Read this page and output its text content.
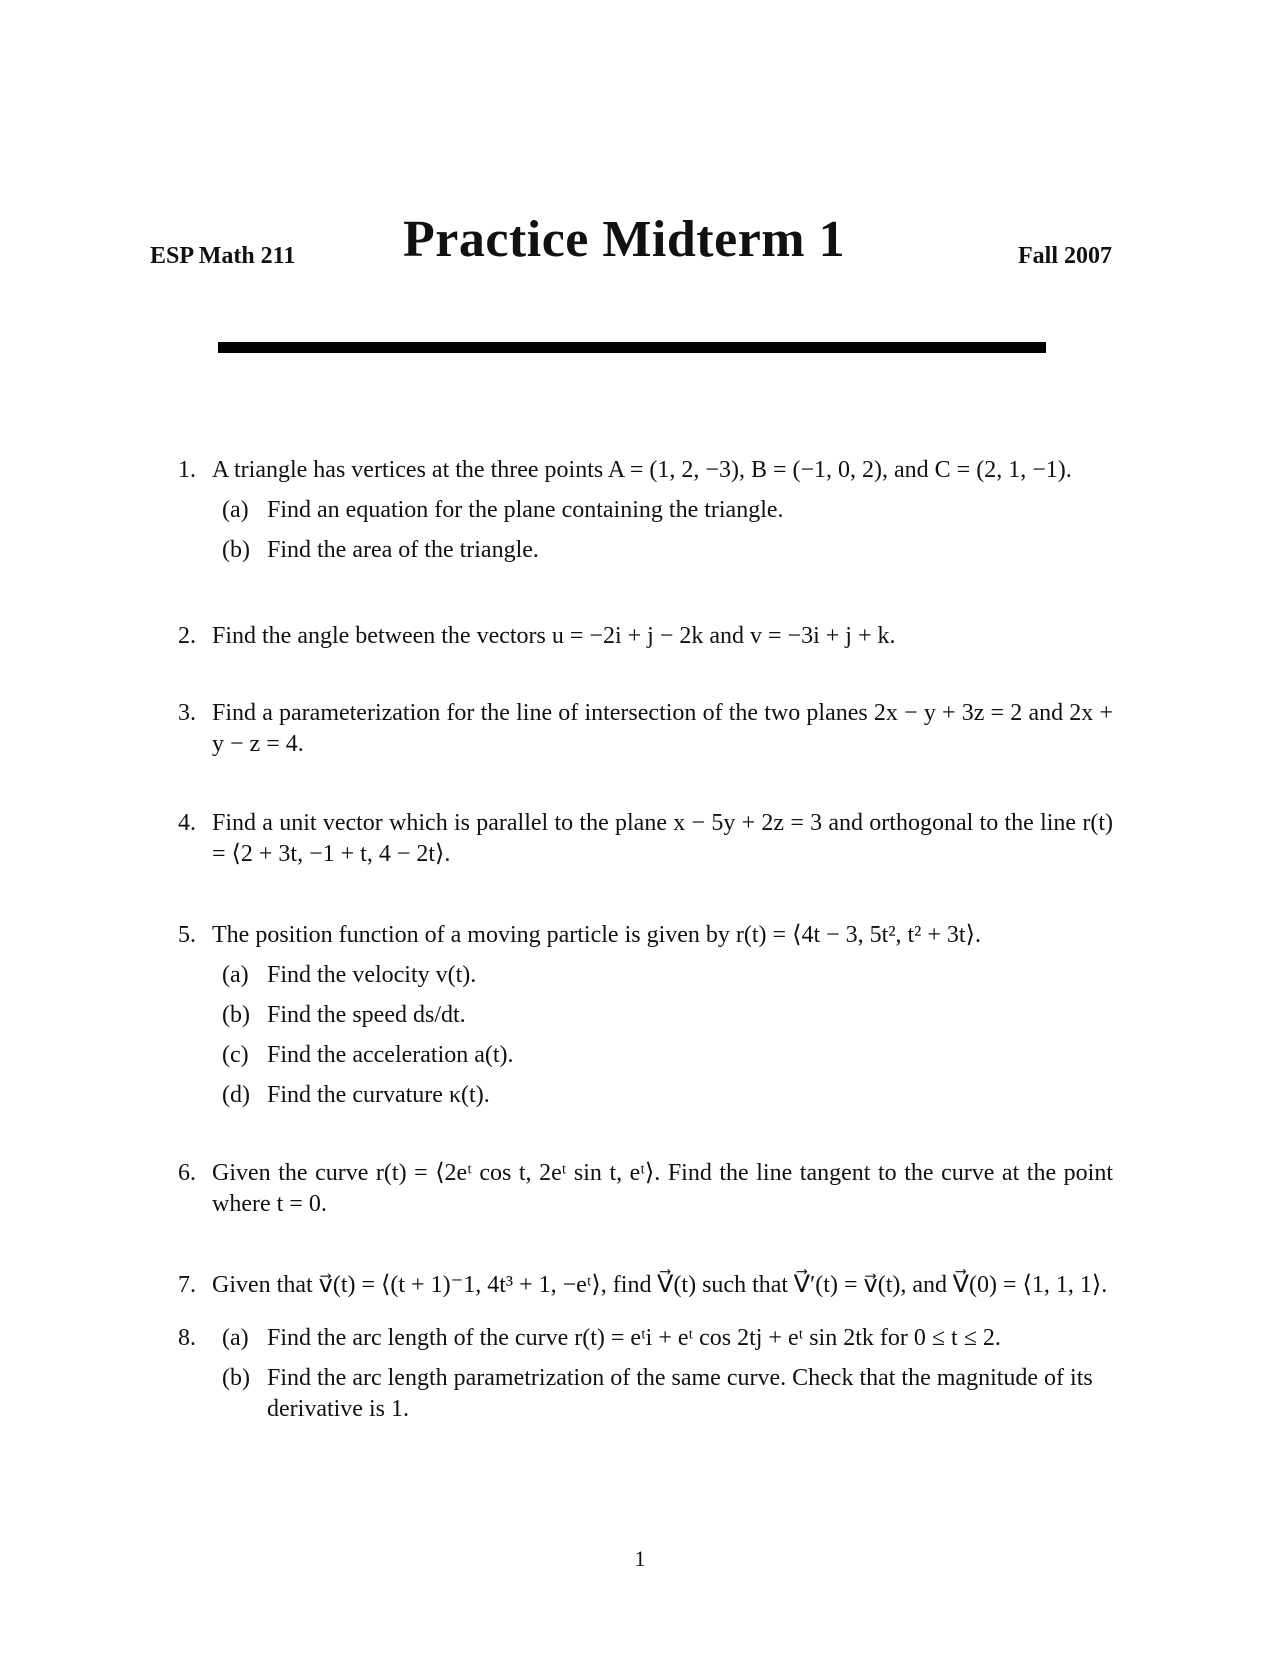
ESP Math 211 Practice Midterm 1	Fall 2007
1. A triangle has vertices at the three points A = (1, 2, −3), B = (−1, 0, 2), and C = (2, 1, −1).
(a) Find an equation for the plane containing the triangle.
(b) Find the area of the triangle.
2. Find the angle between the vectors u = −2i + j − 2k and v = −3i + j + k.
3. Find a parameterization for the line of intersection of the two planes 2x − y + 3z = 2 and 2x + y − z = 4.
4. Find a unit vector which is parallel to the plane x − 5y + 2z = 3 and orthogonal to the line r(t) = ⟨2 + 3t, −1 + t, 4 − 2t⟩.
5. The position function of a moving particle is given by r(t) = ⟨4t − 3, 5t², t² + 3t⟩.
(a) Find the velocity v(t).
(b) Find the speed ds/dt.
(c) Find the acceleration a(t).
(d) Find the curvature κ(t).
6. Given the curve r(t) = ⟨2eᵗ cos t, 2eᵗ sin t, eᵗ⟩. Find the line tangent to the curve at the point where t = 0.
7. Given that v⃗(t) = ⟨(t + 1)⁻1, 4t³ + 1, −eᵗ⟩, find V⃗(t) such that V⃗′(t) = v⃗(t), and V⃗(0) = ⟨1, 1, 1⟩.
8. (a) Find the arc length of the curve r(t) = eᵗi + eᵗ cos 2tj + eᵗ sin 2tk for 0 ≤ t ≤ 2.
(b) Find the arc length parametrization of the same curve. Check that the magnitude of its derivative is 1.
1
